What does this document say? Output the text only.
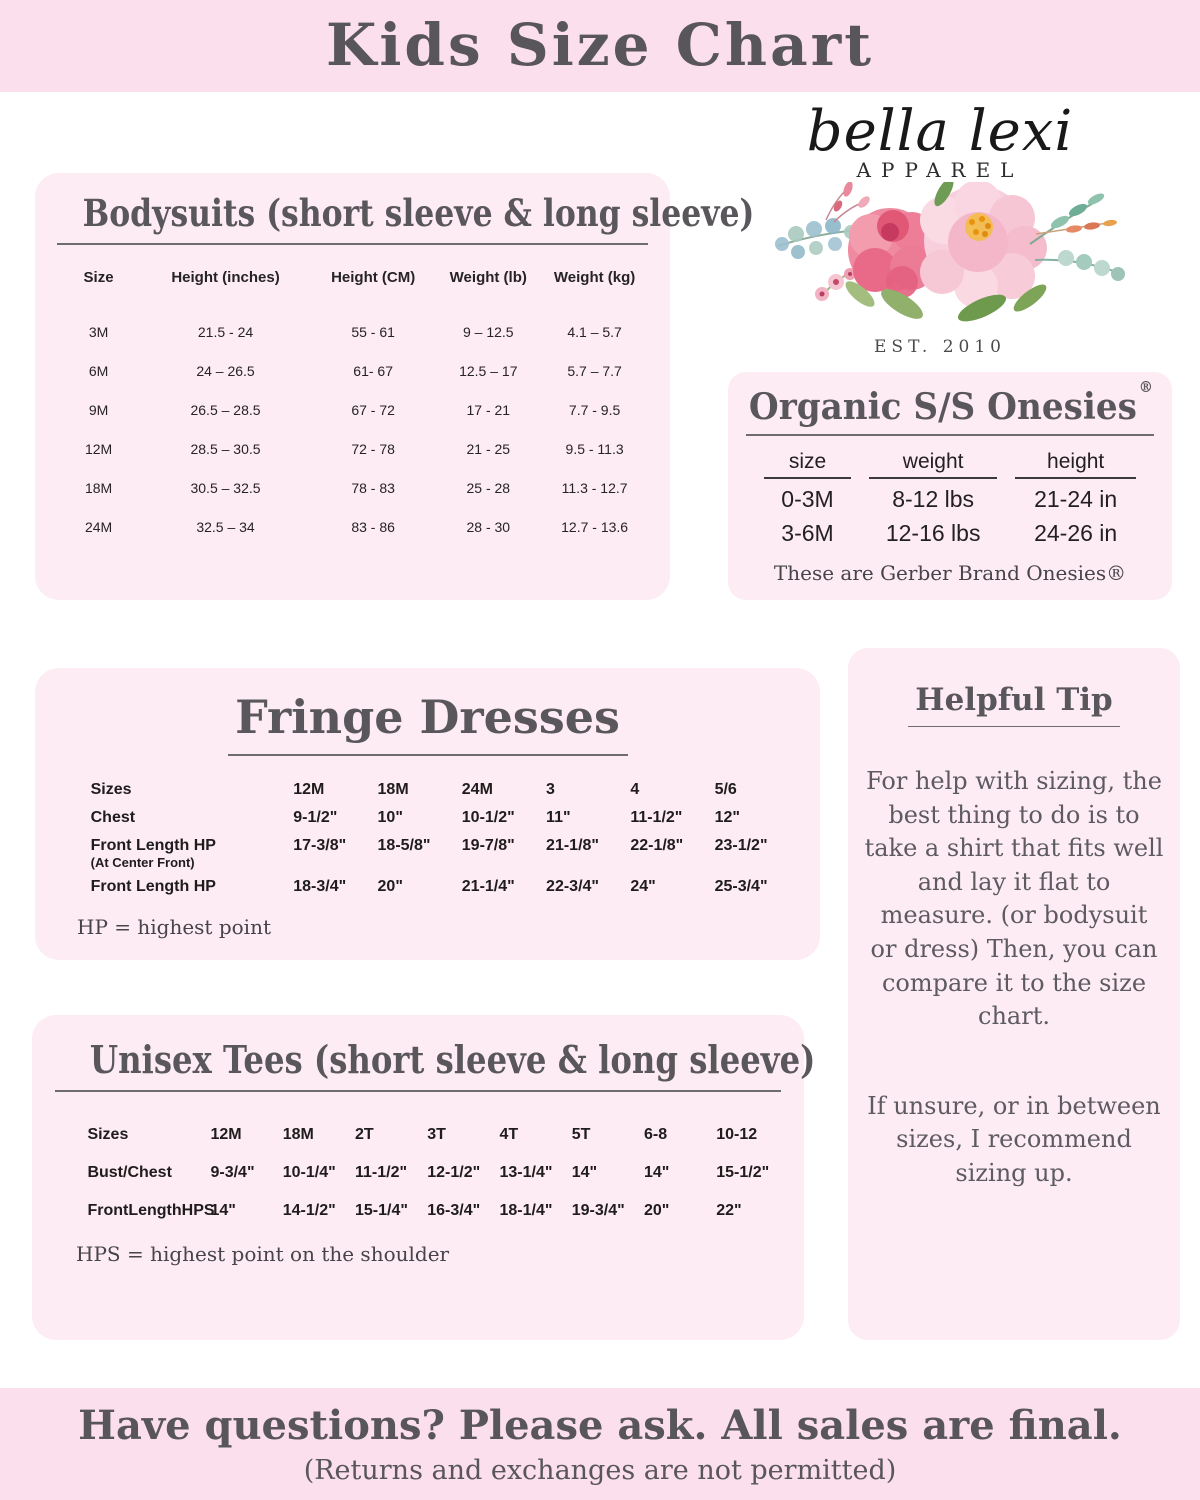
Kids Size Chart
Bodysuits (short sleeve & long sleeve)
Size	Height (inches)	Height (CM)	Weight (lb)	Weight (kg)
3M	21.5 - 24	55 - 61	9 – 12.5	4.1 – 5.7
6M	24 – 26.5	61- 67	12.5 – 17	5.7 – 7.7
9M	26.5 – 28.5	67 - 72	17 - 21	7.7 - 9.5
12M	28.5 – 30.5	72 - 78	21 - 25	9.5 - 11.3
18M	30.5 – 32.5	78 - 83	25 - 28	11.3 - 12.7
24M	32.5 – 34	83 - 86	28 - 30	12.7 - 13.6
bella lexi
APPAREL
EST. 2010
Organic S/S Onesies ®
size	weight	height
0-3M	8-12 lbs	21-24 in
3-6M	12-16 lbs	24-26 in
These are Gerber Brand Onesies®
Fringe Dresses
Sizes	12M	18M	24M	3	4	5/6
Chest	9-1/2"	10"	10-1/2"	11"	11-1/2"	12"
Front Length HP	17-3/8"	18-5/8"	19-7/8"	21-1/8"	22-1/8"	23-1/2"
(At Center Front)						
Front Length HP	18-3/4"	20"	21-1/4"	22-3/4"	24"	25-3/4"
HP = highest point
Helpful Tip
For help with sizing, the best thing to do is to take a shirt that fits well and lay it flat to measure. (or bodysuit or dress) Then, you can compare it to the size chart.
If unsure, or in between sizes, I recommend sizing up.
Unisex Tees (short sleeve & long sleeve)
Sizes	12M	18M	2T	3T	4T	5T	6-8	10-12
Bust/Chest	9-3/4"	10-1/4"	11-1/2"	12-1/2"	13-1/4"	14"	14"	15-1/2"
FrontLengthHPS	14"	14-1/2"	15-1/4"	16-3/4"	18-1/4"	19-3/4"	20"	22"
HPS = highest point on the shoulder
Have questions? Please ask. All sales are final.
(Returns and exchanges are not permitted)
